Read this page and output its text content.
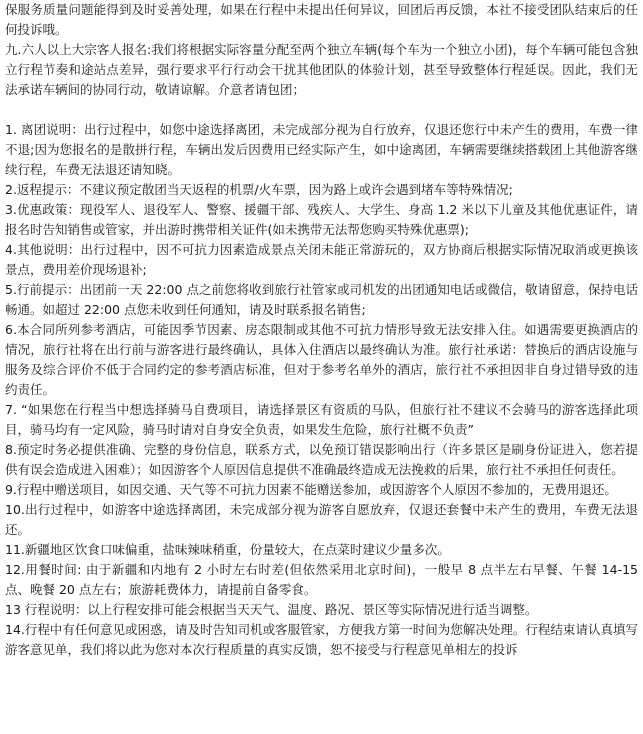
保服务质量问题能得到及时妥善处理，如果在行程中未提出任何异议，回团后再反馈，本社不接受团队结束后的任何投诉哦。

九.六人以上大宗客人报名:我们将根据实际容量分配至两个独立车辆(每个车为一个独立小团)，每个车辆可能包含独立行程节奏和途站点差异，强行要求平行行动会干扰其他团队的体验计划，甚至导致整体行程延误。因此，我们无法承诺车辆间的协同行动，敬请谅解。介意者请包团；

1. 离团说明：出行过程中，如您中途选择离团，未完成部分视为自行放弃，仅退还您行中未产生的费用，车费一律不退;因为您报名的是散拼行程，车辆出发后因费用已经实际产生，如中途离团，车辆需要继续搭载团上其他游客继续行程，车费无法退还请知晓。

2.返程提示：不建议预定散团当天返程的机票/火车票，因为路上或许会遇到堵车等特殊情况;

3.优惠政策：现役军人、退役军人、警察、援疆干部、残疾人、大学生、身高 1.2 米以下儿童及其他优惠证件，请报名时告知销售或管家，并出游时携带相关证件(如未携带无法帮您购买特殊优惠票);

4.其他说明：出行过程中，因不可抗力因素造成景点关闭未能正常游玩的，双方协商后根据实际情况取消或更换该景点，费用差价现场退补;

5.行前提示：出团前一天 22:00 点之前您将收到旅行社管家或司机发的出团通知电话或微信，敬请留意，保持电话畅通。如超过 22:00 点您未收到任何通知，请及时联系报名销售;

6.本合同所列参考酒店，可能因季节因素、房态限制或其他不可抗力情形导致无法安排入住。如遇需要更换酒店的情况，旅行社将在出行前与游客进行最终确认，具体入住酒店以最终确认为准。旅行社承诺：替换后的酒店设施与服务及综合评价不低于合同约定的参考酒店标准，但对于参考名单外的酒店，旅行社不承担因非自身过错导致的违约责任。

7. “如果您在行程当中想选择骑马自费项目，请选择景区有资质的马队，但旅行社不建议不会骑马的游客选择此项目，骑马均有一定风险，骑马时请对自身安全负责，如果发生危险，旅行社概不负责”

8.预定时务必提供准确、完整的身份信息，联系方式，以免预订错误影响出行（许多景区是刷身份证进入，您若提供有误会造成进入困难）；如因游客个人原因信息提供不准确最终造成无法挽救的后果，旅行社不承担任何责任。

9.行程中赠送项目，如因交通、天气等不可抗力因素不能赠送参加，或因游客个人原因不参加的，无费用退还。

10.出行过程中，如游客中途选择离团，未完成部分视为游客自愿放弃，仅退还套餐中未产生的费用，车费无法退还。

11.新疆地区饮食口味偏重，盐味辣味稍重，份量较大，在点菜时建议少量多次。

12.用餐时间: 由于新疆和内地有 2 小时左右时差(但依然采用北京时间)，一般早 8 点半左右早餐、午餐 14-15 点、晚餐 20 点左右；旅游耗费体力，请提前自备零食。

13 行程说明：以上行程安排可能会根据当天天气、温度、路况、景区等实际情况进行适当调整。

14.行程中有任何意见或困惑，请及时告知司机或客服管家，方便我方第一时间为您解决处理。行程结束请认真填写游客意见单，我们将以此为您对本次行程质量的真实反馈，恕不接受与行程意见单相左的投诉
